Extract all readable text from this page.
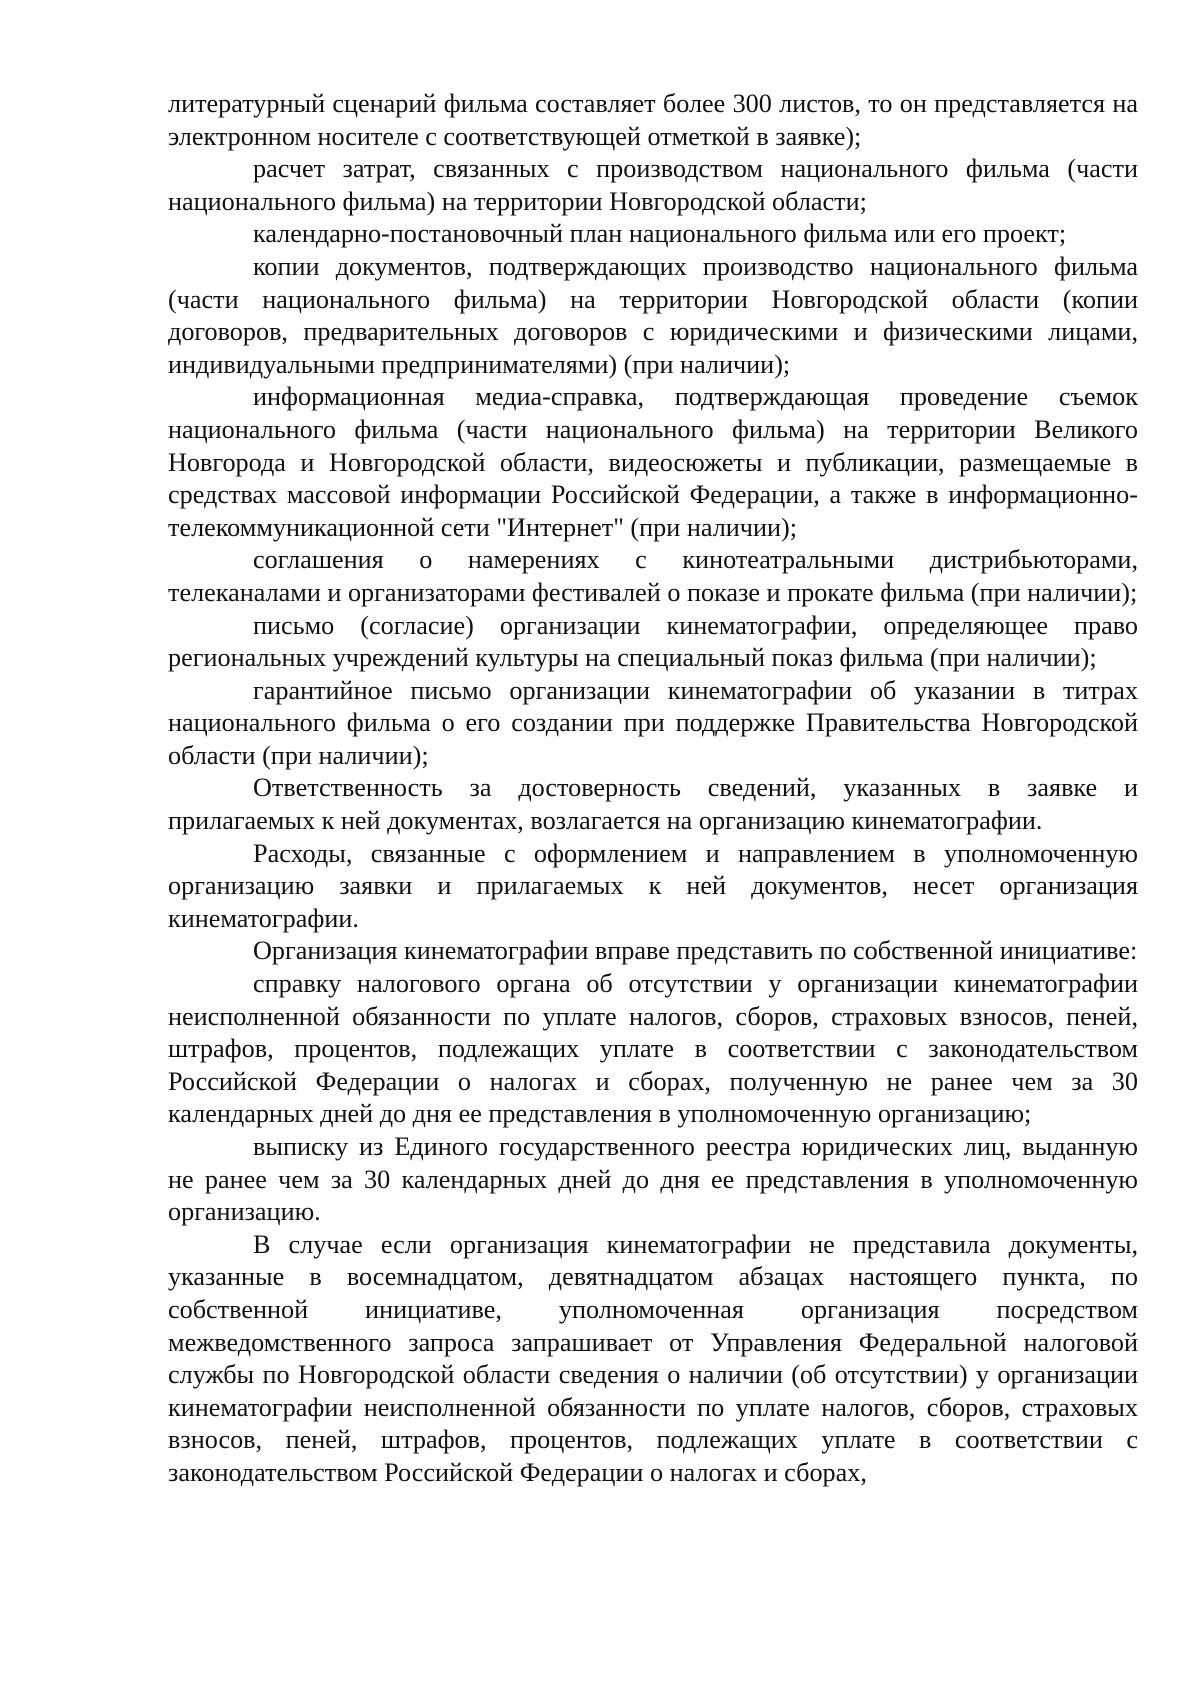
литературный сценарий фильма составляет более 300 листов, то он представляется на электронном носителе с соответствующей отметкой в заявке);

расчет затрат, связанных с производством национального фильма (части национального фильма) на территории Новгородской области;

календарно-постановочный план национального фильма или его проект;

копии документов, подтверждающих производство национального фильма (части национального фильма) на территории Новгородской области (копии договоров, предварительных договоров с юридическими и физическими лицами, индивидуальными предпринимателями) (при наличии);

информационная медиа-справка, подтверждающая проведение съемок национального фильма (части национального фильма) на территории Великого Новгорода и Новгородской области, видеосюжеты и публикации, размещаемые в средствах массовой информации Российской Федерации, а также в информационно-телекоммуникационной сети "Интернет" (при наличии);

соглашения о намерениях с кинотеатральными дистрибьюторами, телеканалами и организаторами фестивалей о показе и прокате фильма (при наличии);

письмо (согласие) организации кинематографии, определяющее право региональных учреждений культуры на специальный показ фильма (при наличии);

гарантийное письмо организации кинематографии об указании в титрах национального фильма о его создании при поддержке Правительства Новгородской области (при наличии);

Ответственность за достоверность сведений, указанных в заявке и прилагаемых к ней документах, возлагается на организацию кинематографии.

Расходы, связанные с оформлением и направлением в уполномоченную организацию заявки и прилагаемых к ней документов, несет организация кинематографии.

Организация кинематографии вправе представить по собственной инициативе:

справку налогового органа об отсутствии у организации кинематографии неисполненной обязанности по уплате налогов, сборов, страховых взносов, пеней, штрафов, процентов, подлежащих уплате в соответствии с законодательством Российской Федерации о налогах и сборах, полученную не ранее чем за 30 календарных дней до дня ее представления в уполномоченную организацию;

выписку из Единого государственного реестра юридических лиц, выданную не ранее чем за 30 календарных дней до дня ее представления в уполномоченную организацию.

В случае если организация кинематографии не представила документы, указанные в восемнадцатом, девятнадцатом абзацах настоящего пункта, по собственной инициативе, уполномоченная организация посредством межведомственного запроса запрашивает от Управления Федеральной налоговой службы по Новгородской области сведения о наличии (об отсутствии) у организации кинематографии неисполненной обязанности по уплате налогов, сборов, страховых взносов, пеней, штрафов, процентов, подлежащих уплате в соответствии с законодательством Российской Федерации о налогах и сборах,
